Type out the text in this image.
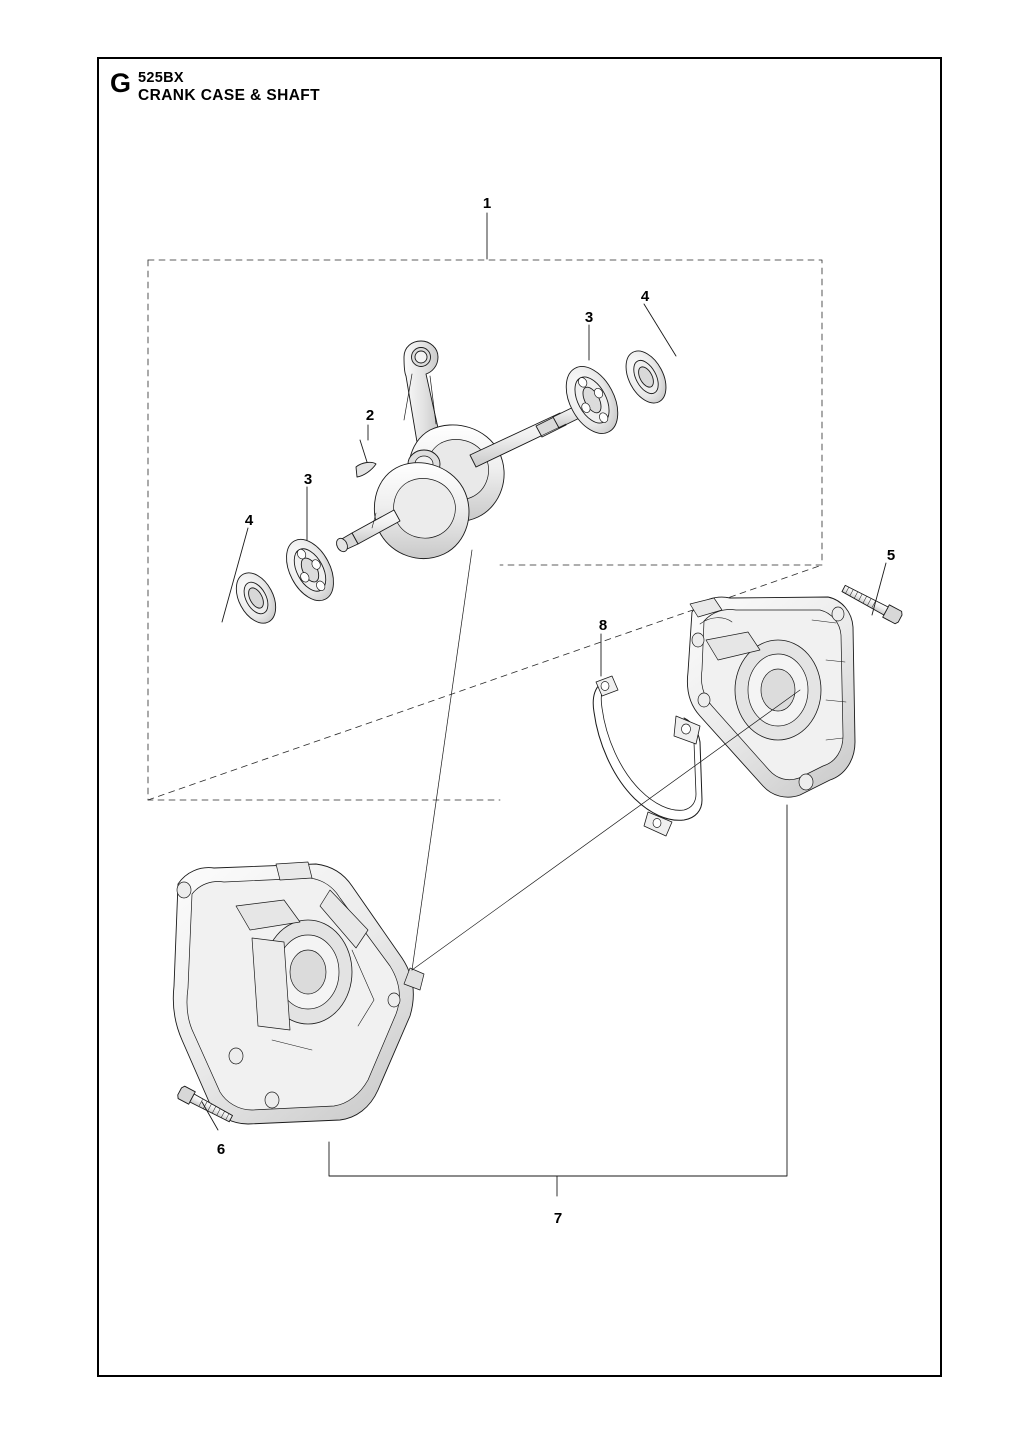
G 525BX
CRANK CASE & SHAFT
1
2
3
4
3
4
5
8
6
7
